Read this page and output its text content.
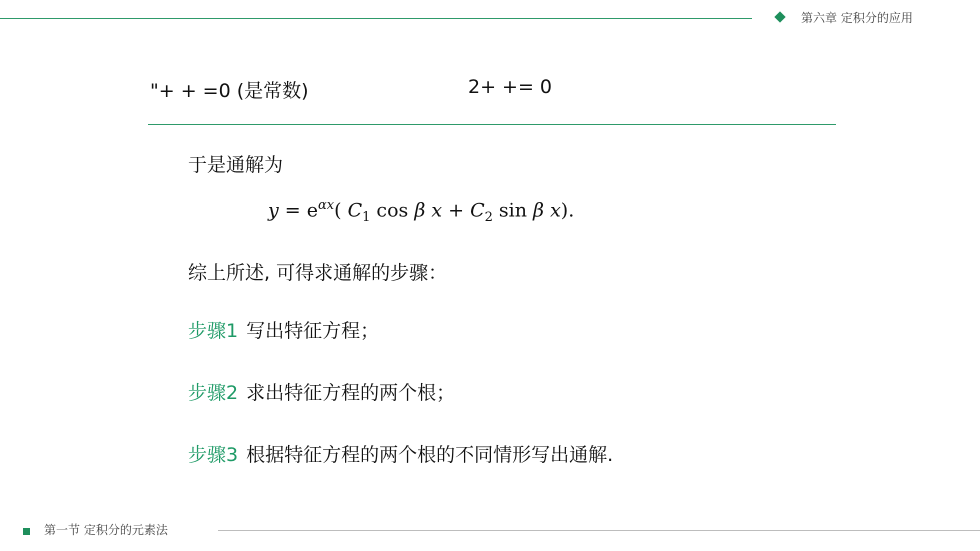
第六章 定积分的应用
"+ + =0 (是常数)	2+ += 0
于是通解为
$y = e^{\alpha x}$( $C_1$ cos β $x + C_2$ sin β x).
综上所述, 可得求通解的步骤：
步骤1 写出特征方程；
步骤2 求出特征方程的两个根；
步骤3 根据特征方程的两个根的不同情形写出通解.
第一节 定积分的元素法
